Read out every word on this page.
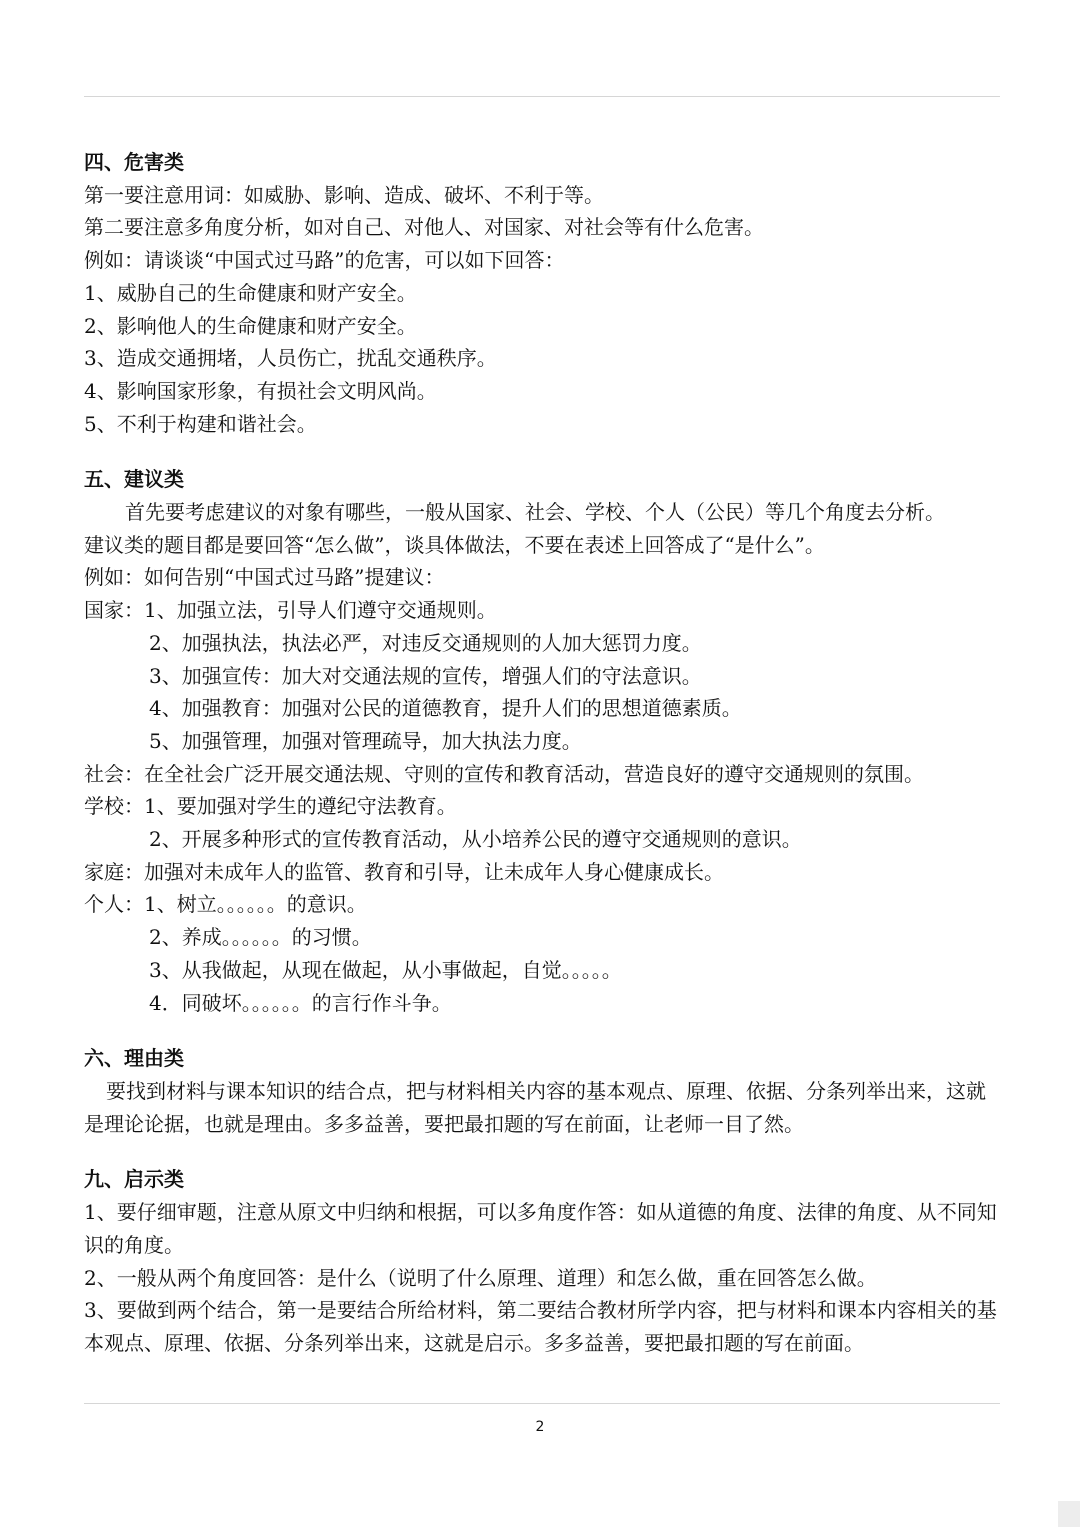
四、危害类
第一要注意用词：如威胁、影响、造成、破坏、不利于等。
第二要注意多角度分析，如对自己、对他人、对国家、对社会等有什么危害。
例如：请谈谈“中国式过马路”的危害，可以如下回答：
1、威胁自己的生命健康和财产安全。
2、影响他人的生命健康和财产安全。
3、造成交通拥堵，人员伤亡，扰乱交通秩序。
4、影响国家形象，有损社会文明风尚。
5、不利于构建和谐社会。
五、建议类
首先要考虑建议的对象有哪些，一般从国家、社会、学校、个人（公民）等几个角度去分析。
建议类的题目都是要回答“怎么做”，谈具体做法，不要在表述上回答成了“是什么”。
例如：如何告别“中国式过马路”提建议：
国家：1、加强立法，引导人们遵守交通规则。
2、加强执法，执法必严，对违反交通规则的人加大惩罚力度。
3、加强宣传：加大对交通法规的宣传，增强人们的守法意识。
4、加强教育：加强对公民的道德教育，提升人们的思想道德素质。
5、加强管理，加强对管理疏导，加大执法力度。
社会：在全社会广泛开展交通法规、守则的宣传和教育活动，营造良好的遵守交通规则的氛围。
学校：1、要加强对学生的遵纪守法教育。
2、开展多种形式的宣传教育活动，从小培养公民的遵守交通规则的意识。
家庭：加强对未成年人的监管、教育和引导，让未成年人身心健康成长。
个人：1、树立。。。。。。的意识。
2、养成。。。。。。的习惯。
3、从我做起，从现在做起，从小事做起，自觉。。。。。
4．同破坏。。。。。。的言行作斗争。
六、理由类
要找到材料与课本知识的结合点，把与材料相关内容的基本观点、原理、依据、分条列举出来，这就是理论论据，也就是理由。多多益善，要把最扣题的写在前面，让老师一目了然。
九、启示类
1、要仔细审题，注意从原文中归纳和根据，可以多角度作答：如从道德的角度、法律的角度、从不同知识的角度。
2、一般从两个角度回答：是什么（说明了什么原理、道理）和怎么做，重在回答怎么做。
3、要做到两个结合，第一是要结合所给材料，第二要结合教材所学内容，把与材料和课本内容相关的基本观点、原理、依据、分条列举出来，这就是启示。多多益善，要把最扣题的写在前面。
2
